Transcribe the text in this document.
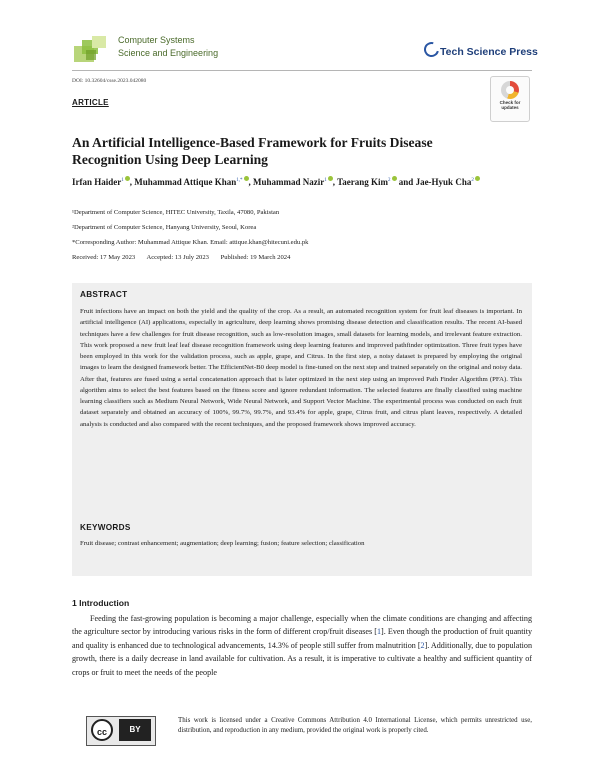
Computer Systems
Science and Engineering	Tech Science Press
DOI: 10.32604/csse.2023.042080
ARTICLE	Check for updates
An Artificial Intelligence-Based Framework for Fruits Disease Recognition Using Deep Learning
Irfan Haider$^1$ , Muhammad Attique Khan$^{1,*}$ , Muhammad Nazir$^1$ , Taerang Kim$^2$ and Jae-Hyuk Cha$^2$
¹Department of Computer Science, HITEC University, Taxila, 47080, Pakistan
²Department of Computer Science, Hanyang University, Seoul, Korea
*Corresponding Author: Muhammad Attique Khan. Email: attique.khan@hitecuni.edu.pk
Received: 17 May 2023 Accepted: 13 July 2023 Published: 19 March 2024
ABSTRACT
Fruit infections have an impact on both the yield and the quality of the crop. As a result, an automated recognition system for fruit leaf diseases is important. In artificial intelligence (AI) applications, especially in agriculture, deep learning shows promising disease detection and classification results. The recent AI-based techniques have a few challenges for fruit disease recognition, such as low-resolution images, small datasets for learning models, and irrelevant feature extraction. This work proposed a new fruit leaf leaf disease recognition framework using deep learning features and improved pathfinder optimization. Three fruit types have been employed in this work for the validation process, such as apple, grape, and Citrus. In the first step, a noisy dataset is prepared by employing the original images to learn the designed framework better. The EfficientNet-B0 deep model is fine-tuned on the next step and trained separately on the original and noisy data. After that, features are fused using a serial concatenation approach that is later optimized in the next step using an improved Path Finder Algorithm (PFA). This algorithm aims to select the best features based on the fitness score and ignore redundant information. The selected features are finally classified using machine learning classifiers such as Medium Neural Network, Wide Neural Network, and Support Vector Machine. The experimental process was conducted on each fruit dataset separately and obtained an accuracy of 100%, 99.7%, 99.7%, and 93.4% for apple, grape, Citrus fruit, and citrus plant leaves, respectively. A detailed analysis is conducted and also compared with the recent techniques, and the proposed framework shows improved accuracy.
KEYWORDS
Fruit disease; contrast enhancement; augmentation; deep learning; fusion; feature selection; classification
1 Introduction
Feeding the fast-growing population is becoming a major challenge, especially when the climate conditions are changing and affecting the agriculture sector by introducing various risks in the form of different crop/fruit diseases [1]. Even though the production of fruit quantity and quality is enhanced due to technological advancements, 14.3% of people still suffer from malnutrition [2]. Additionally, due to population growth, there is a daily decrease in land available for cultivation. As a result, it is imperative to cultivate a healthy and sufficient quantity of crops or fruit to meet the needs of the people
cc	BY
This work is licensed under a Creative Commons Attribution 4.0 International License, which permits unrestricted use, distribution, and reproduction in any medium, provided the original work is properly cited.
